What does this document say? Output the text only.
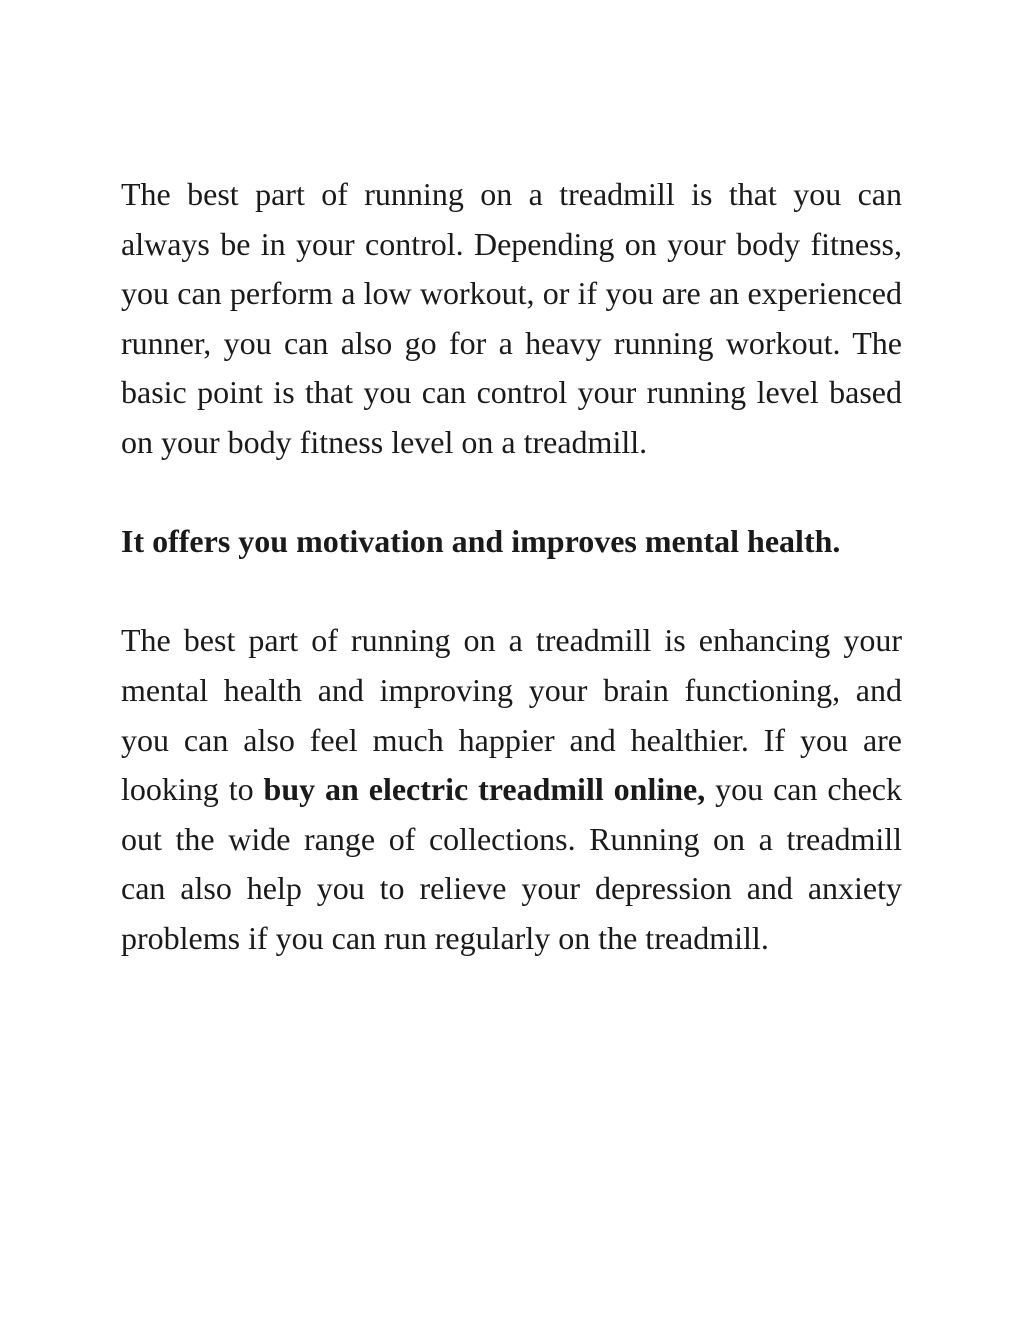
The best part of running on a treadmill is that you can always be in your control. Depending on your body fitness, you can perform a low workout, or if you are an experienced runner, you can also go for a heavy running workout. The basic point is that you can control your running level based on your body fitness level on a treadmill.

It offers you motivation and improves mental health.

The best part of running on a treadmill is enhancing your mental health and improving your brain functioning, and you can also feel much happier and healthier. If you are looking to buy an electric treadmill online, you can check out the wide range of collections. Running on a treadmill can also help you to relieve your depression and anxiety problems if you can run regularly on the treadmill.
